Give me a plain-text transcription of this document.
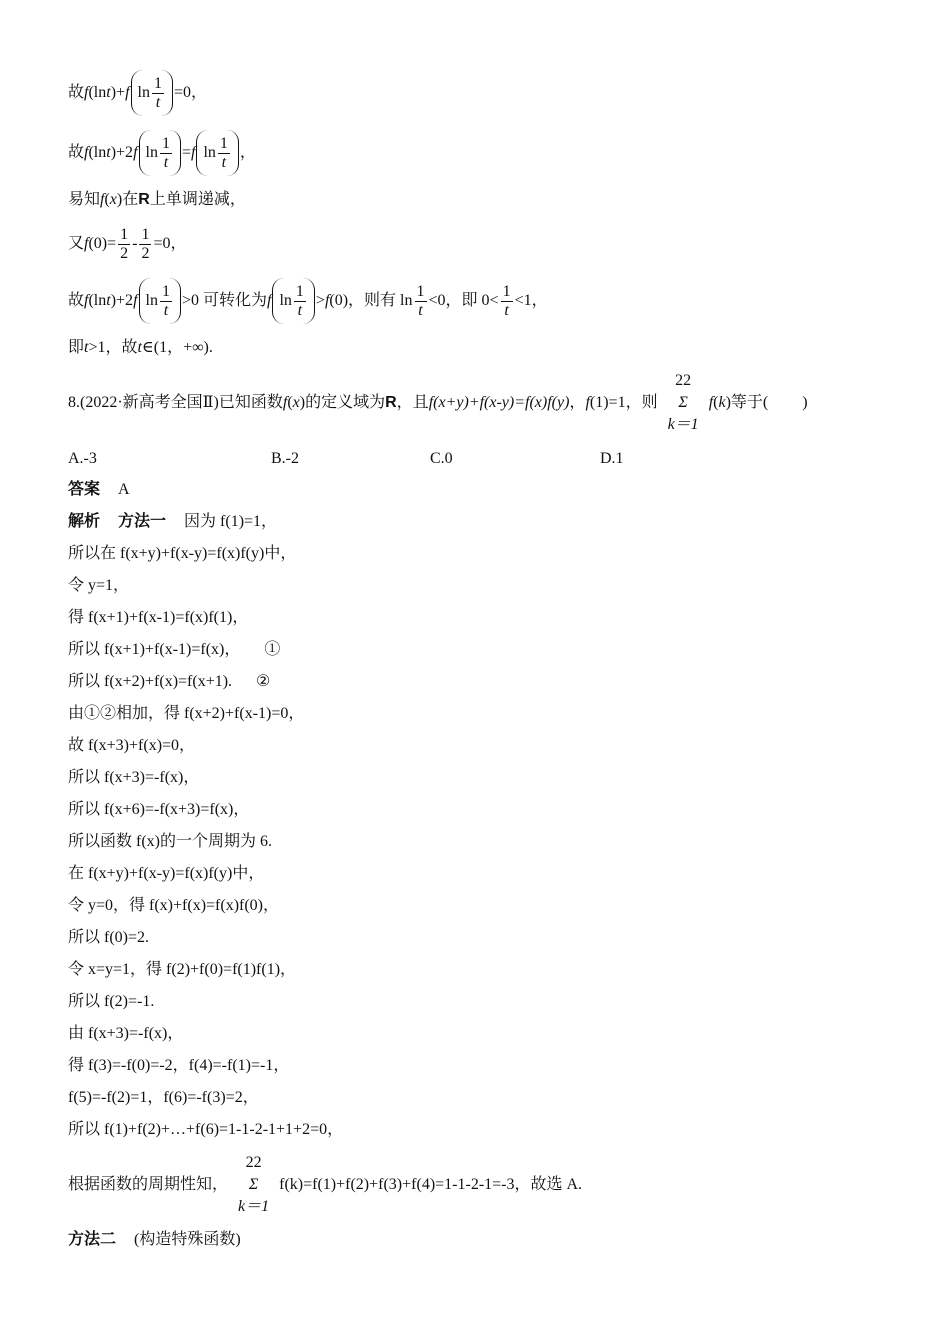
故 f (ln t )+ f $\ln \frac{1}{t} =0$，
故 f (ln t )+2 f $\ln \frac{1}{t} = f$ $\ln \frac{1}{t}$ ，
易知 f ( x )在 R 上单调递减，
又 f $(0)= \frac{1}{2} - \frac{1}{2} =0$，
故 f (ln t )+2 f $\ln \frac{1}{t} >0$ 可转化为 f $\ln \frac{1}{t} > f$ (0)，则有 $\ln \frac{1}{t} <0$，即 $0< \frac{1}{t} <1$，
即 t >1，故 t ∈(1，+∞).
8.(2022·新高考全国Ⅱ)已知函数 f ( x )的定义域为 R ，且 f(x+y)+f(x-y)=f(x)f(y) ， f (1)=1，则
22
Σ
k＝1
f ( k )等于( )
A.-3	B.-2	C.0	D.1
答案 A
解析 方法一 因为 f(1)=1，
所以在 f(x+y)+f(x-y)=f(x)f(y)中，
令 y=1，
得 f(x+1)+f(x-1)=f(x)f(1)，
所以 f(x+1)+f(x-1)=f(x)，      ①
所以 f(x+2)+f(x)=f(x+1).      ②
由①②相加，得 f(x+2)+f(x-1)=0，
故 f(x+3)+f(x)=0，
所以 f(x+3)=-f(x)，
所以 f(x+6)=-f(x+3)=f(x)，
所以函数 f(x)的一个周期为 6.
在 f(x+y)+f(x-y)=f(x)f(y)中，
令 y=0，得 f(x)+f(x)=f(x)f(0)，
所以 f(0)=2.
令 x=y=1，得 f(2)+f(0)=f(1)f(1)，
所以 f(2)=-1.
由 f(x+3)=-f(x)，
得 f(3)=-f(0)=-2，f(4)=-f(1)=-1，
f(5)=-f(2)=1，f(6)=-f(3)=2，
所以 f(1)+f(2)+…+f(6)=1-1-2-1+1+2=0，
根据函数的周期性知，
22
Σ
k＝1
f(k)=f(1)+f(2)+f(3)+f(4)=1-1-2-1=-3，故选 A.
方法二 (构造特殊函数)
